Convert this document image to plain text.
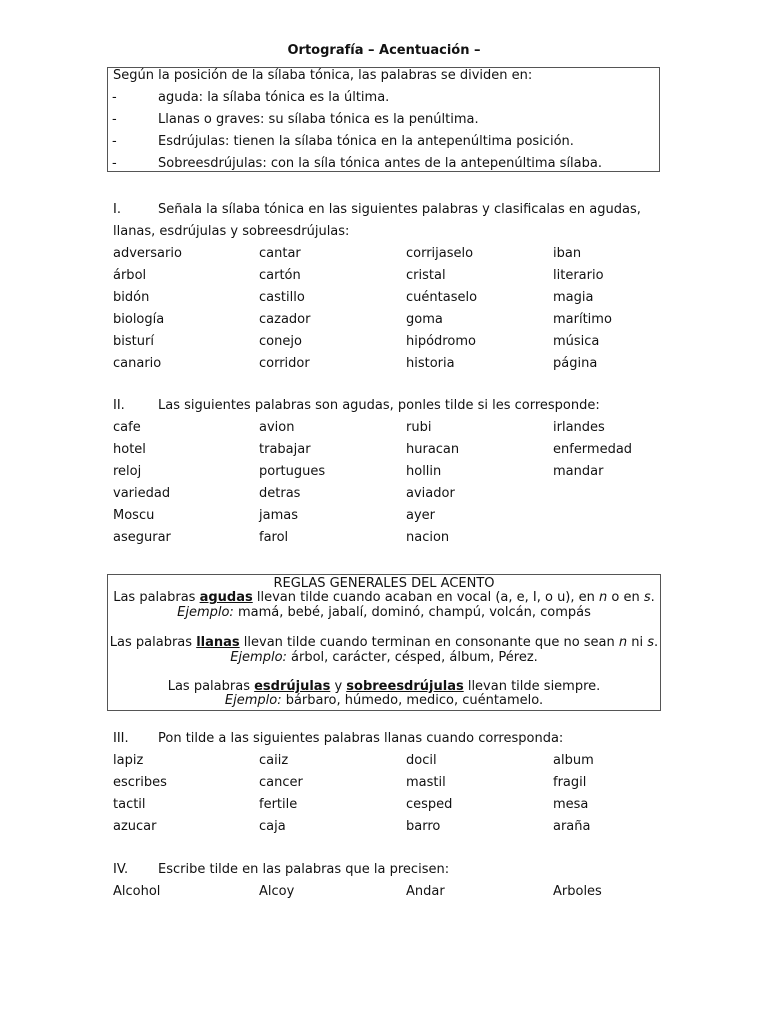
Ortografía – Acentuación –
Según la posición de la sílaba tónica, las palabras se dividen en:
-	aguda: la sílaba tónica es la última.
-	Llanas o graves: su sílaba tónica es la penúltima.
-	Esdrújulas: tienen la sílaba tónica en la antepenúltima posición.
-	Sobreesdrújulas: con la síla tónica antes de la antepenúltima sílaba.
I.	Señala la sílaba tónica en las siguientes palabras y clasificalas en agudas,
llanas, esdrújulas y sobreesdrújulas:
adversario	cantar	corrijaselo	iban
árbol	cartón	cristal	literario
bidón	castillo	cuéntaselo	magia
biología	cazador	goma	marítimo
bisturí	conejo	hipódromo	música
canario	corridor	historia	página
II.	Las siguientes palabras son agudas, ponles tilde si les corresponde:
cafe	avion	rubi	irlandes
hotel	trabajar	huracan	enfermedad
reloj	portugues	hollin	mandar
variedad	detras	aviador
Moscu	jamas	ayer
asegurar	farol	nacion
REGLAS GENERALES DEL ACENTO
Las palabras agudas llevan tilde cuando acaban en vocal (a, e, I, o u), en n o en s.
Ejemplo: mamá, bebé, jabalí, dominó, champú, volcán, compás
Las palabras llanas llevan tilde cuando terminan en consonante que no sean n ni s.
Ejemplo: árbol, carácter, césped, álbum, Pérez.
Las palabras esdrújulas y sobreesdrújulas llevan tilde siempre.
Ejemplo: bárbaro, húmedo, medico, cuéntamelo.
III. Pon tilde a las siguientes palabras llanas cuando corresponda:
lapiz	caiiz	docil	album
escribes	cancer	mastil	fragil
tactil	fertile	cesped	mesa
azucar	caja	barro	araña
IV. Escribe tilde en las palabras que la precisen:
Alcohol	Alcoy	Andar	Arboles
